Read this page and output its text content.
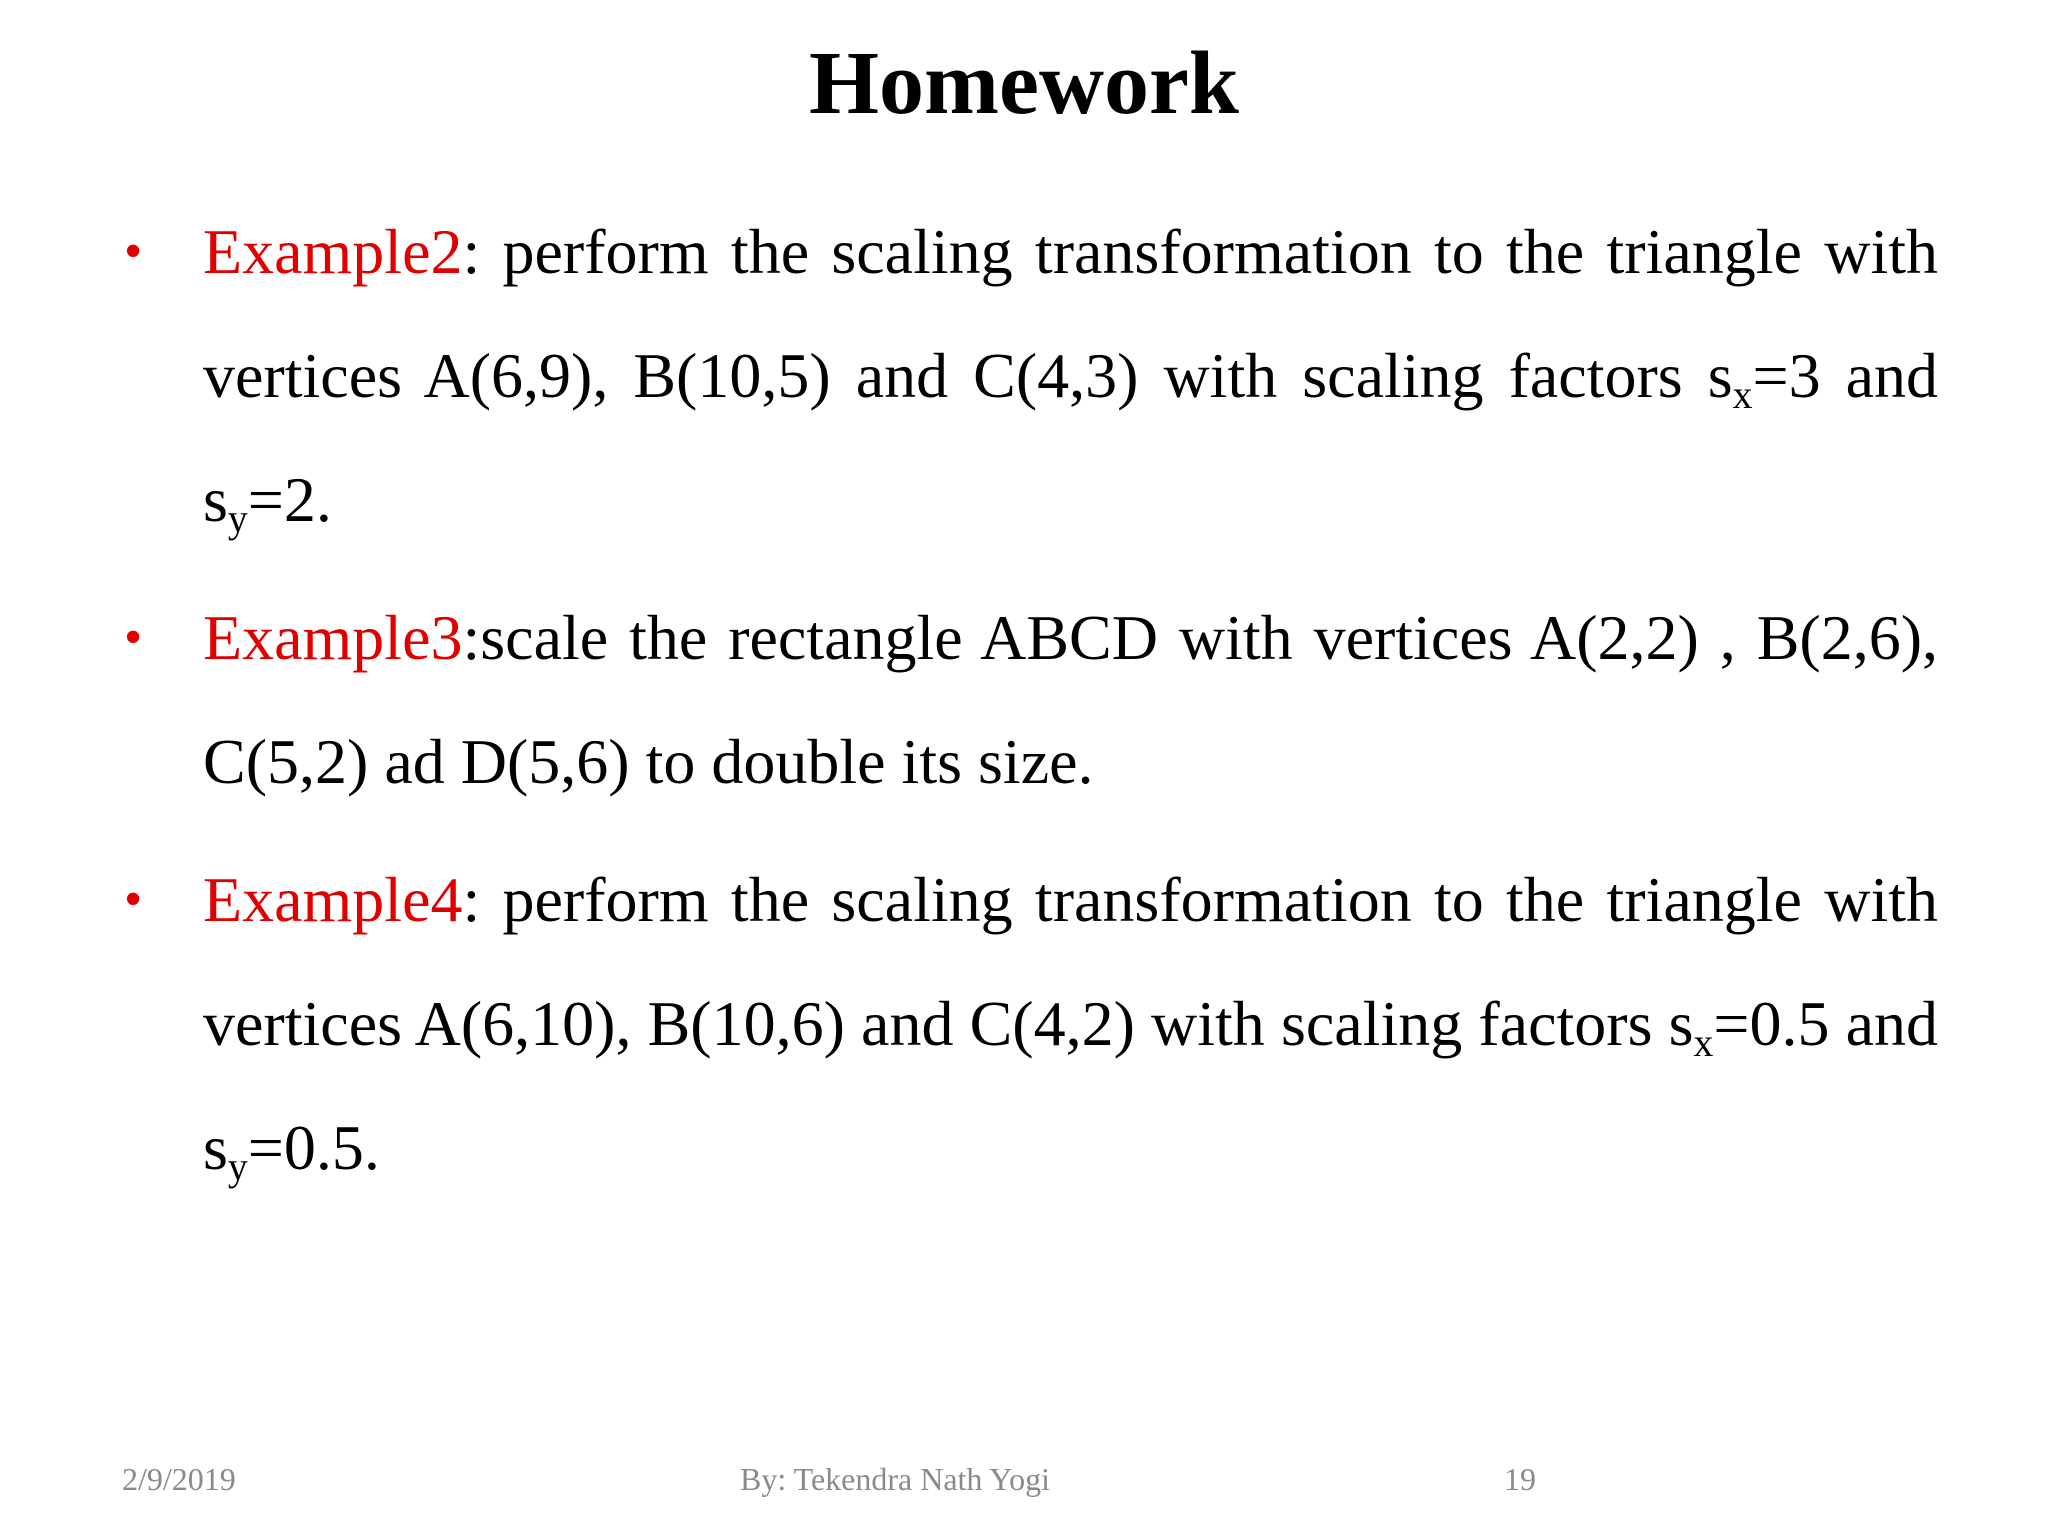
Homework
• Example2: perform the scaling transformation to the triangle with vertices A(6,9), B(10,5) and C(4,3) with scaling factors $s_x=3$ and $s_y=2$.
• Example3:scale the rectangle ABCD with vertices A(2,2) , B(2,6), C(5,2) ad D(5,6) to double its size.
• Example4: perform the scaling transformation to the triangle with vertices A(6,10), B(10,6) and C(4,2) with scaling factors $s_x=0.5$ and $s_y=0.5$.
2/9/2019	By: Tekendra Nath Yogi	19
